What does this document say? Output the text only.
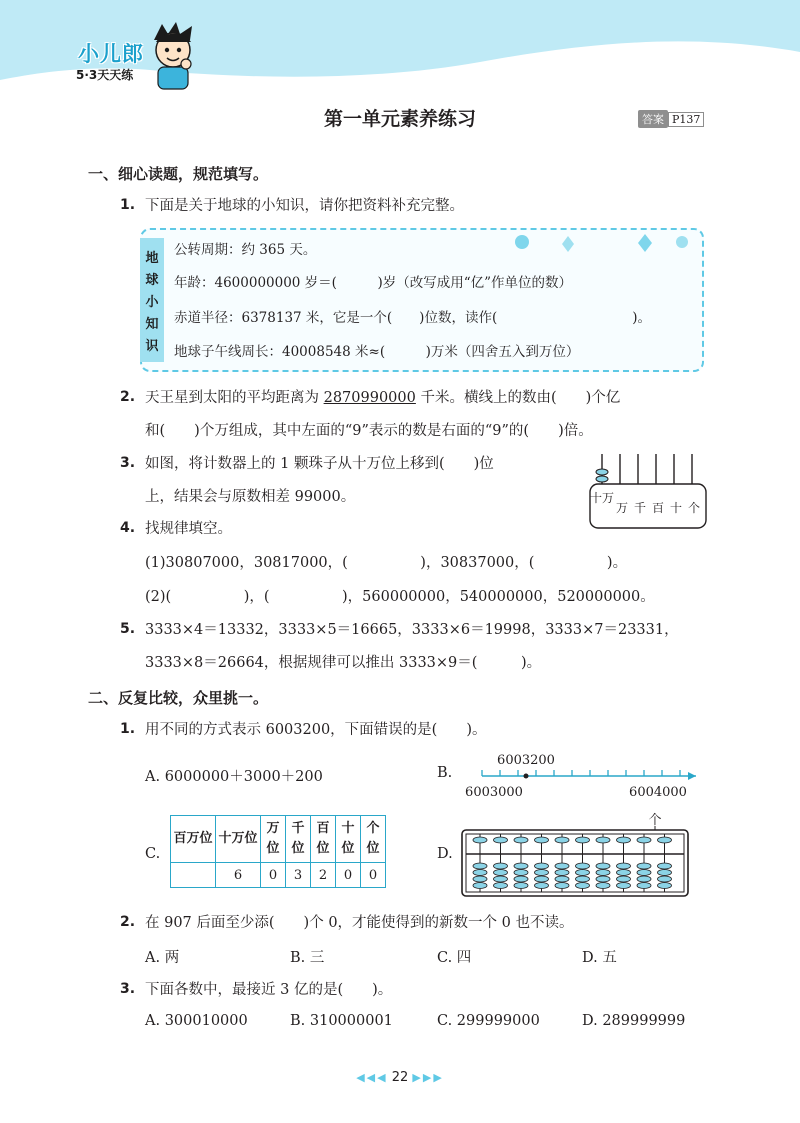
小儿郎
5·3天天练
第一单元素养练习	答案 P137
一、细心读题，规范填写。
1. 下面是关于地球的小知识，请你把资料补充完整。
地
球
小
知
识
公转周期：约 365 天。
年龄：4600000000 岁＝(　　　)岁（改写成用“亿”作单位的数）
赤道半径：6378137 米，它是一个(　　)位数，读作(　　　　　　　　　　)。
地球子午线周长：40008548 米≈(　　　)万米（四舍五入到万位）
2. 天王星到太阳的平均距离为 2870990000 千米。横线上的数由(　　)个亿
和(　　)个万组成，其中左面的“9”表示的数是右面的“9”的(　　)倍。
3. 如图，将计数器上的 1 颗珠子从十万位上移到(　　)位
上，结果会与原数相差 99000。	十万
万 千 百 十 个
4. 找规律填空。
(1)30807000，30817000，(　　　　　)，30837000，(　　　　　)。
(2)(　　　　　)，(　　　　　)，560000000，540000000，520000000。
5. 3333×4＝13332，3333×5＝16665，3333×6＝19998，3333×7＝23331，
3333×8＝26664，根据规律可以推出 3333×9＝(　　　)。
二、反复比较，众里挑一。
1. 用不同的方式表示 6003200，下面错误的是(　　)。
A. 6000000＋3000＋200	B.
6003200
6003000	6004000
C.
百万位	十万位	万位	千位	百位	十位	个位
	6	0	3	2	0	0
D.
个
2. 在 907 后面至少添(　　)个 0，才能使得到的新数一个 0 也不读。
A. 两	B. 三	C. 四	D. 五
3. 下面各数中，最接近 3 亿的是(　　)。
A. 300010000	B. 310000001	C. 299999000	D. 289999999
◀◀◀ 22 ▶▶▶
